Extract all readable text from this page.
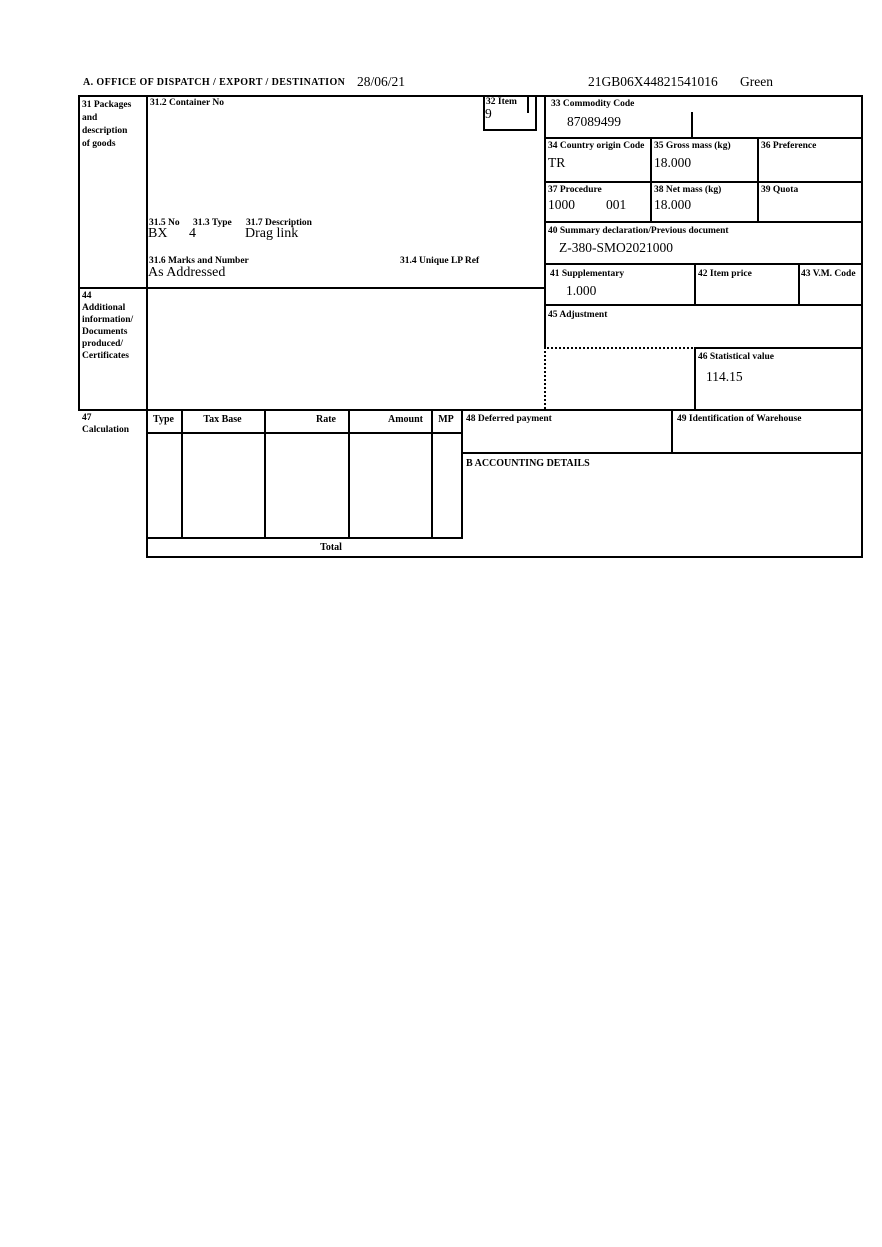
A. OFFICE OF DISPATCH / EXPORT / DESTINATION 28/06/21	21GB06X44821541016 Green
31 Packages
and
description
of goods
31.2 Container No
31.5 No 31.3 Type 31.7 Description
BX 4	Drag link
31.6 Marks and Number	31.4 Unique LP Ref
As Addressed
32 Item
9
33 Commodity Code
87089499
34 Country origin Code
TR
35 Gross mass (kg)
18.000
36 Preference
37 Procedure
1000 001
38 Net mass (kg)
18.000
39 Quota
40 Summary declaration/Previous document
Z-380-SMO2021000
41 Supplementary
1.000
42 Item price	43 V.M. Code
45 Adjustment
46 Statistical value
114.15
44
Additional
information/
Documents
produced/
Certificates
47
Calculation
Type	Tax Base	Rate	Amount	MP
Total
48 Deferred payment	49 Identification of Warehouse
B ACCOUNTING DETAILS
